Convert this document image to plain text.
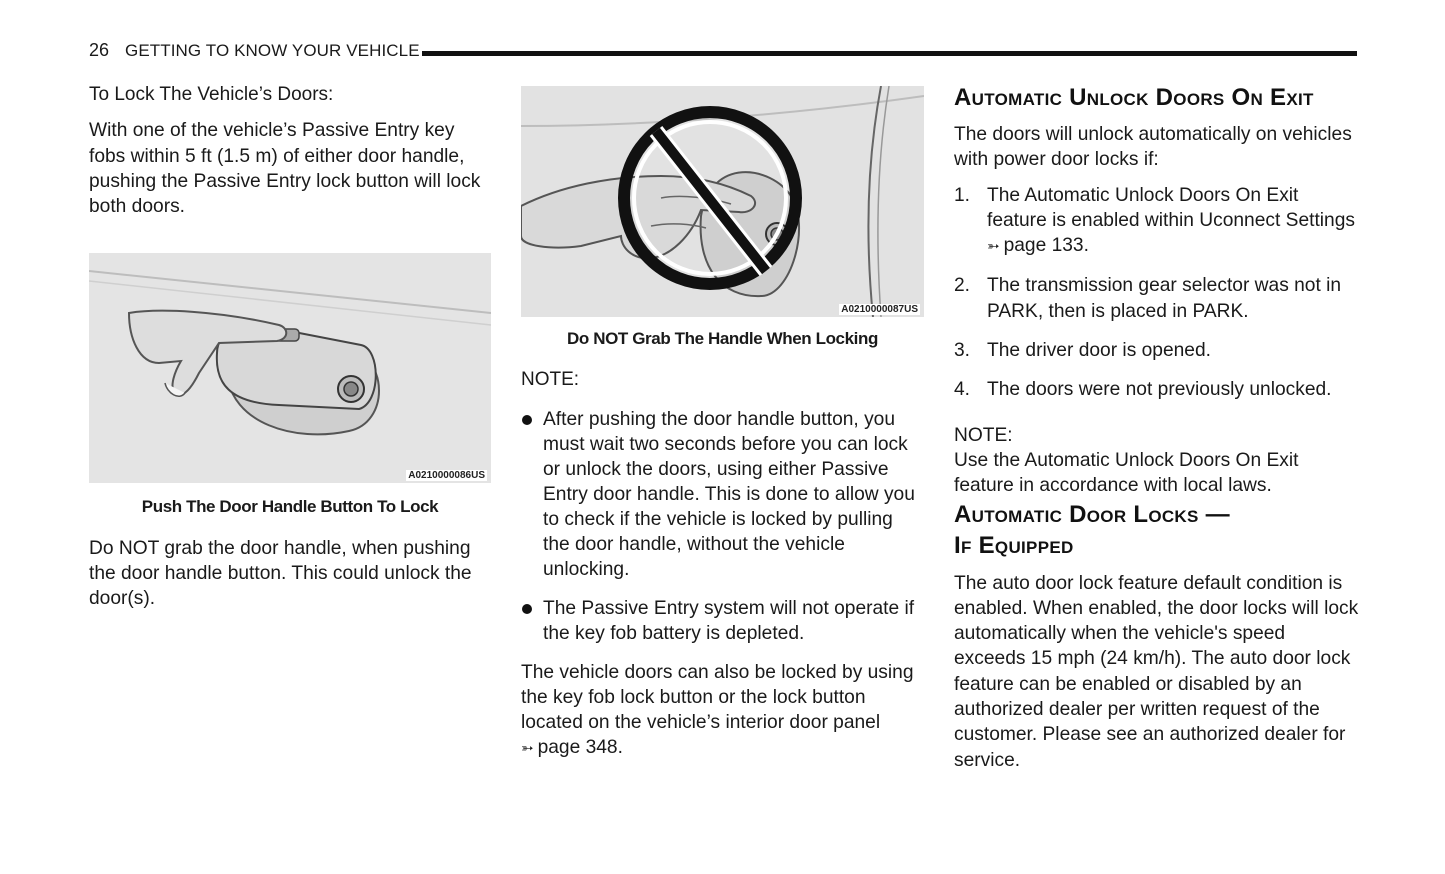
26 GETTING TO KNOW YOUR VEHICLE

To Lock The Vehicle’s Doors:

With one of the vehicle’s Passive Entry key fobs within 5 ft (1.5 m) of either door handle, pushing the Passive Entry lock button will lock both doors.

A0210000086US

Push The Door Handle Button To Lock

Do NOT grab the door handle, when pushing the door handle button. This could unlock the door(s).

A0210000087US

Do NOT Grab The Handle When Locking

NOTE:

After pushing the door handle button, you must wait two seconds before you can lock or unlock the doors, using either Passive Entry door handle. This is done to allow you to check if the vehicle is locked by pulling the door handle, without the vehicle unlocking.
The Passive Entry system will not operate if the key fob battery is depleted.

The vehicle doors can also be locked by using the key fob lock button or the lock button located on the vehicle’s interior door panel
➳ page 348.

Automatic Unlock Doors On Exit

The doors will unlock automatically on vehicles with power door locks if:

1. The Automatic Unlock Doors On Exit feature is enabled within Uconnect Settings ➳ page 133.
2. The transmission gear selector was not in PARK, then is placed in PARK.
3. The driver door is opened.
4. The doors were not previously unlocked.

NOTE:

Use the Automatic Unlock Doors On Exit feature in accordance with local laws.

Automatic Door Locks —
If Equipped

The auto door lock feature default condition is enabled. When enabled, the door locks will lock automatically when the vehicle's speed exceeds 15 mph (24 km/h). The auto door lock feature can be enabled or disabled by an authorized dealer per written request of the customer. Please see an authorized dealer for service.
